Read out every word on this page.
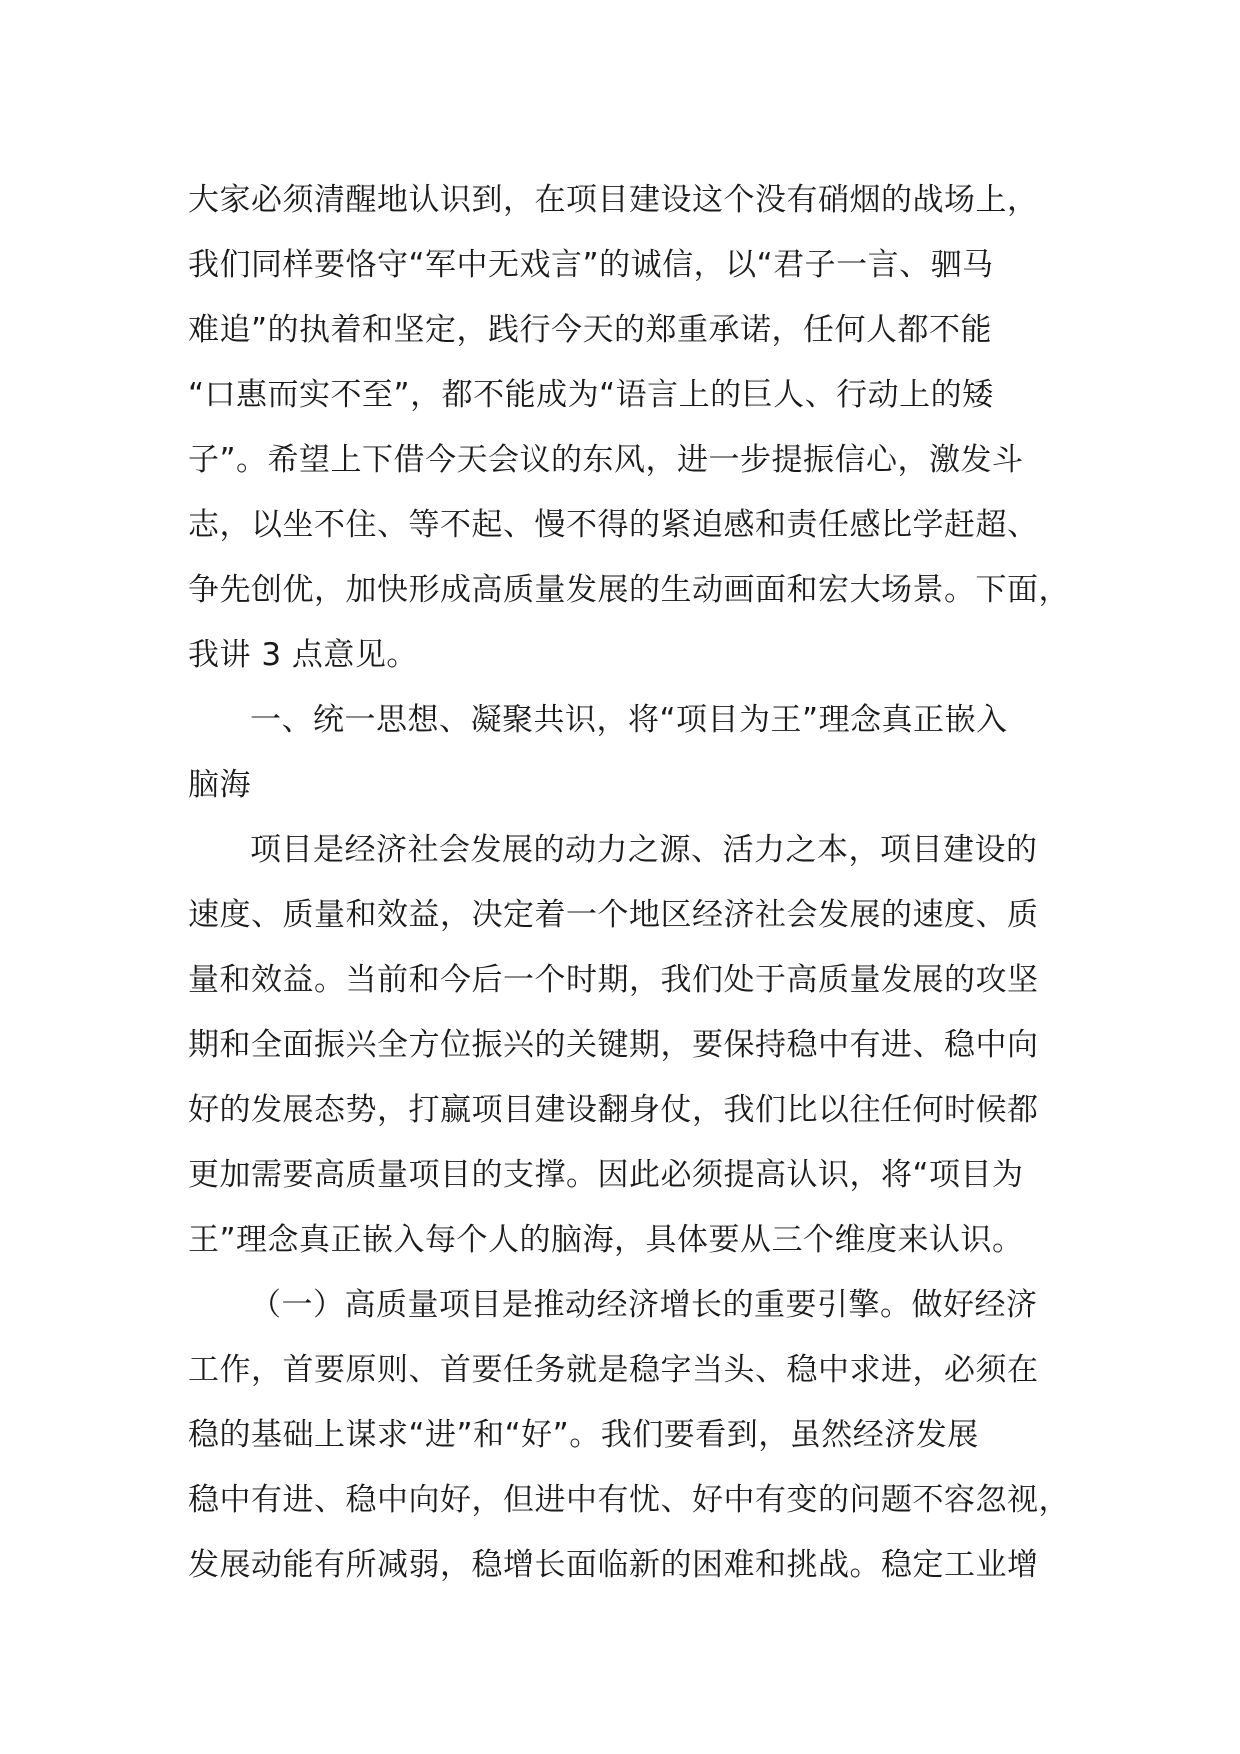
大家必须清醒地认识到，在项目建设这个没有硝烟的战场上，
我们同样要恪守“军中无戏言”的诚信，以“君子一言、驷马
难追”的执着和坚定，践行今天的郑重承诺，任何人都不能
“口惠而实不至”，都不能成为“语言上的巨人、行动上的矮
子”。希望上下借今天会议的东风，进一步提振信心，激发斗
志，以坐不住、等不起、慢不得的紧迫感和责任感比学赶超、
争先创优，加快形成高质量发展的生动画面和宏大场景。下面，
我讲 3 点意见。
一、统一思想、凝聚共识，将“项目为王”理念真正嵌入
脑海
项目是经济社会发展的动力之源、活力之本，项目建设的
速度、质量和效益，决定着一个地区经济社会发展的速度、质
量和效益。当前和今后一个时期，我们处于高质量发展的攻坚
期和全面振兴全方位振兴的关键期，要保持稳中有进、稳中向
好的发展态势，打赢项目建设翻身仗，我们比以往任何时候都
更加需要高质量项目的支撑。因此必须提高认识，将“项目为
王”理念真正嵌入每个人的脑海，具体要从三个维度来认识。
（一）高质量项目是推动经济增长的重要引擎。做好经济
工作，首要原则、首要任务就是稳字当头、稳中求进，必须在
稳的基础上谋求“进”和“好”。我们要看到，虽然经济发展
稳中有进、稳中向好，但进中有忧、好中有变的问题不容忽视，
发展动能有所减弱，稳增长面临新的困难和挑战。稳定工业增
